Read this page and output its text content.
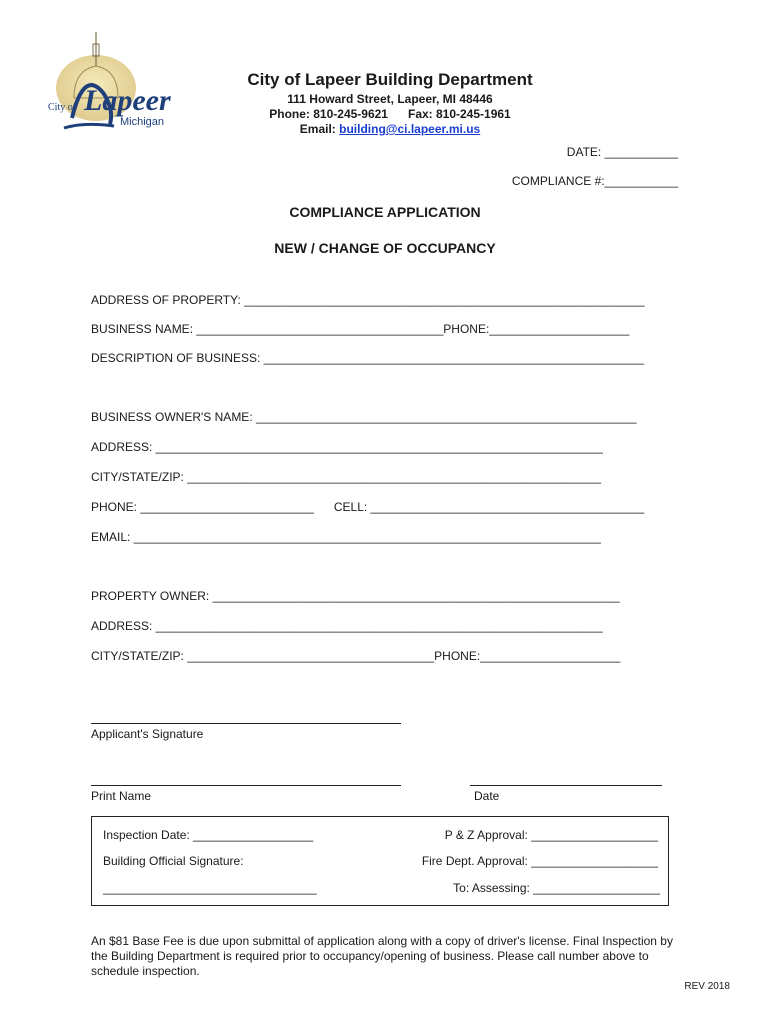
City of Lapeer
Michigan
City of Lapeer Building Department
111 Howard Street, Lapeer, MI 48446
Phone: 810-245-9621      Fax: 810-245-1961
Email: building@ci.lapeer.mi.us
DATE: ___________
COMPLIANCE #:___________
COMPLIANCE APPLICATION
NEW / CHANGE OF OCCUPANCY
ADDRESS OF PROPERTY: ____________________________________________________________
BUSINESS NAME: _____________________________________PHONE:_____________________
DESCRIPTION OF BUSINESS: _________________________________________________________
BUSINESS OWNER'S NAME: _________________________________________________________
ADDRESS: ___________________________________________________________________
CITY/STATE/ZIP: ______________________________________________________________
PHONE: __________________________      CELL: _________________________________________
EMAIL: ______________________________________________________________________
PROPERTY OWNER: _____________________________________________________________
ADDRESS: ___________________________________________________________________
CITY/STATE/ZIP: _____________________________________PHONE:_____________________
Applicant's Signature
Print Name	Date
Inspection Date: __________________
Building Official Signature:
________________________________
P & Z Approval: ___________________
Fire Dept. Approval: ___________________
To: Assessing: ___________________
An $81 Base Fee is due upon submittal of application along with a copy of driver's license. Final Inspection by the Building Department is required prior to occupancy/opening of business. Please call number above to schedule inspection.
REV 2018
